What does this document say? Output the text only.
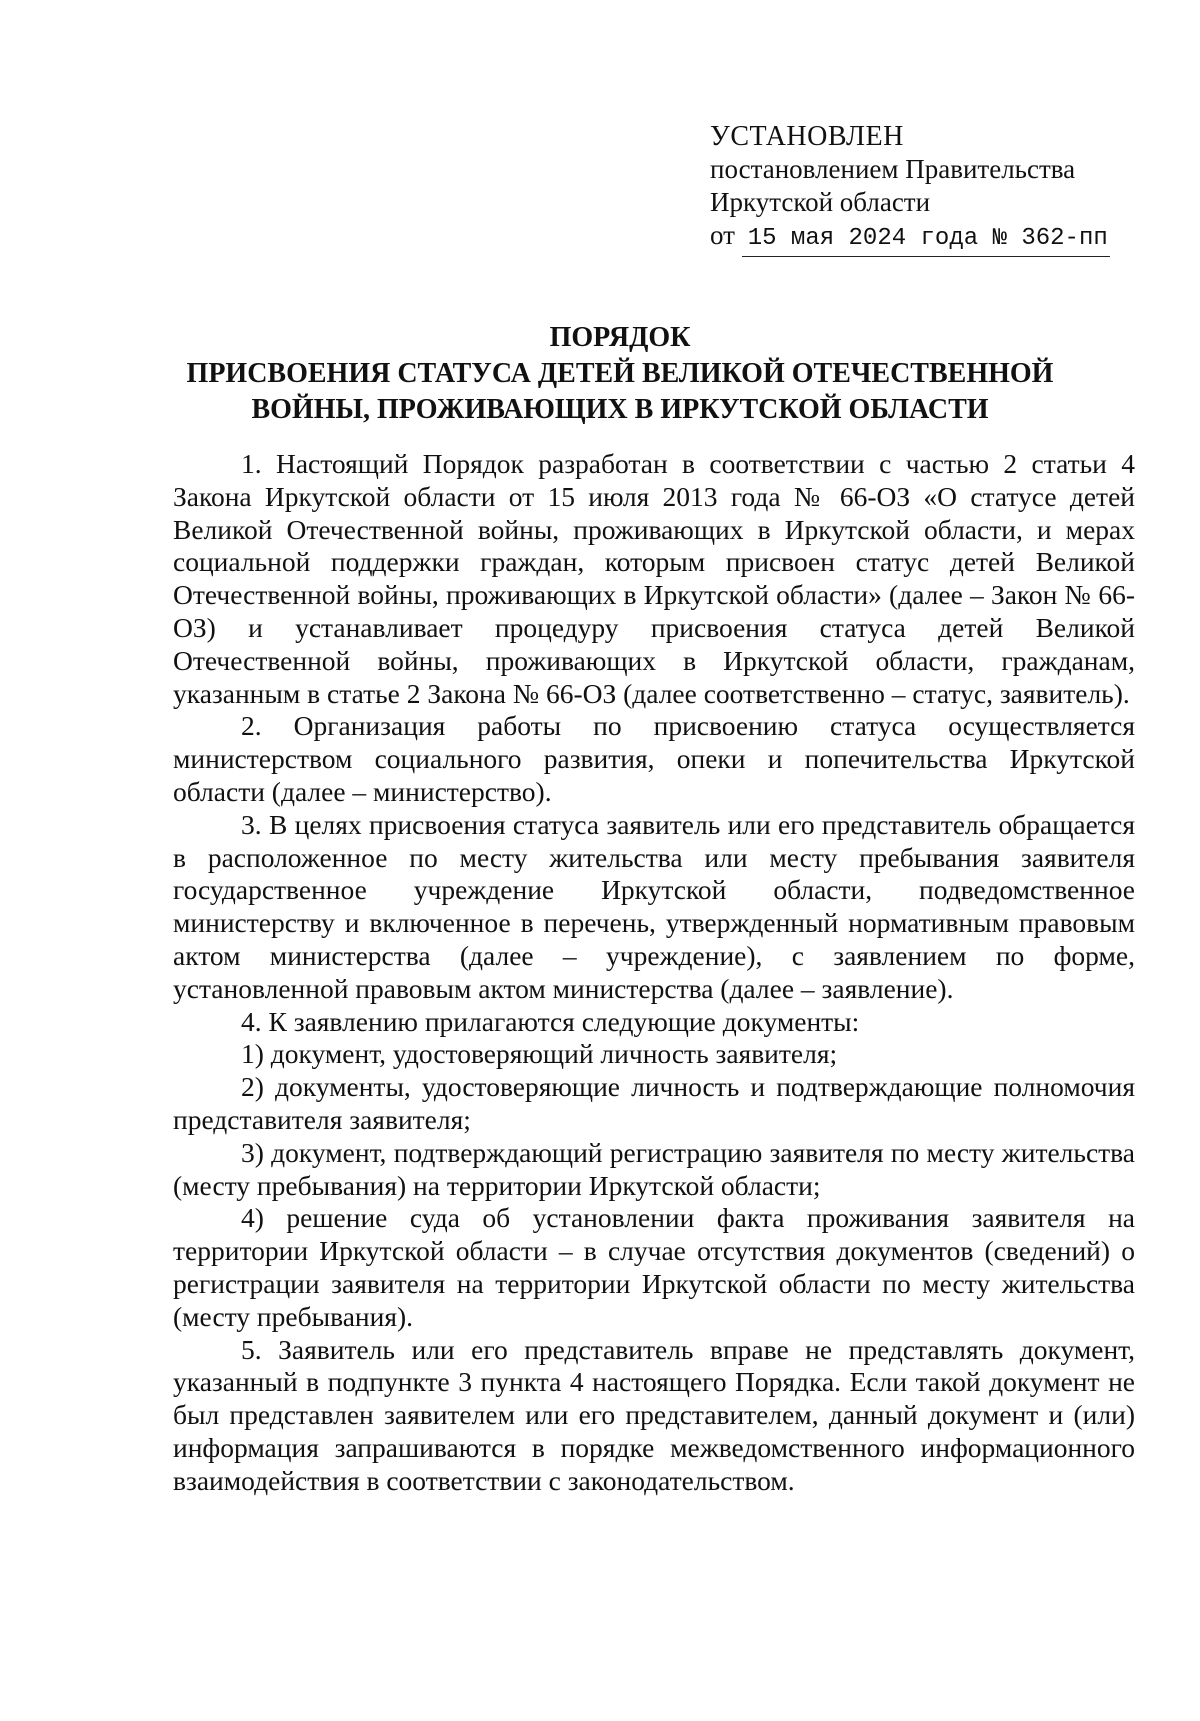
УСТАНОВЛЕН
постановлением Правительства
Иркутской области
от 15 мая 2024 года № 362-пп
ПОРЯДОК
ПРИСВОЕНИЯ СТАТУСА ДЕТЕЙ ВЕЛИКОЙ ОТЕЧЕСТВЕННОЙ
ВОЙНЫ, ПРОЖИВАЮЩИХ В ИРКУТСКОЙ ОБЛАСТИ

1. Настоящий Порядок разработан в соответствии с частью 2 статьи 4 Закона Иркутской области от 15 июля 2013 года № 66-ОЗ «О статусе детей Великой Отечественной войны, проживающих в Иркутской области, и мерах социальной поддержки граждан, которым присвоен статус детей Великой Отечественной войны, проживающих в Иркутской области» (далее – Закон № 66-ОЗ) и устанавливает процедуру присвоения статуса детей Великой Отечественной войны, проживающих в Иркутской области, гражданам, указанным в статье 2 Закона № 66-ОЗ (далее соответственно – статус, заявитель).

2. Организация работы по присвоению статуса осуществляется министерством социального развития, опеки и попечительства Иркутской области (далее – министерство).

3. В целях присвоения статуса заявитель или его представитель обращается в расположенное по месту жительства или месту пребывания заявителя государственное учреждение Иркутской области, подведомственное министерству и включенное в перечень, утвержденный нормативным правовым актом министерства (далее – учреждение), с заявлением по форме, установленной правовым актом министерства (далее – заявление).

4. К заявлению прилагаются следующие документы:

1) документ, удостоверяющий личность заявителя;

2) документы, удостоверяющие личность и подтверждающие полномочия представителя заявителя;

3) документ, подтверждающий регистрацию заявителя по месту жительства (месту пребывания) на территории Иркутской области;

4) решение суда об установлении факта проживания заявителя на территории Иркутской области – в случае отсутствия документов (сведений) о регистрации заявителя на территории Иркутской области по месту жительства (месту пребывания).

5. Заявитель или его представитель вправе не представлять документ, указанный в подпункте 3 пункта 4 настоящего Порядка. Если такой документ не был представлен заявителем или его представителем, данный документ и (или) информация запрашиваются в порядке межведомственного информационного взаимодействия в соответствии с законодательством.
